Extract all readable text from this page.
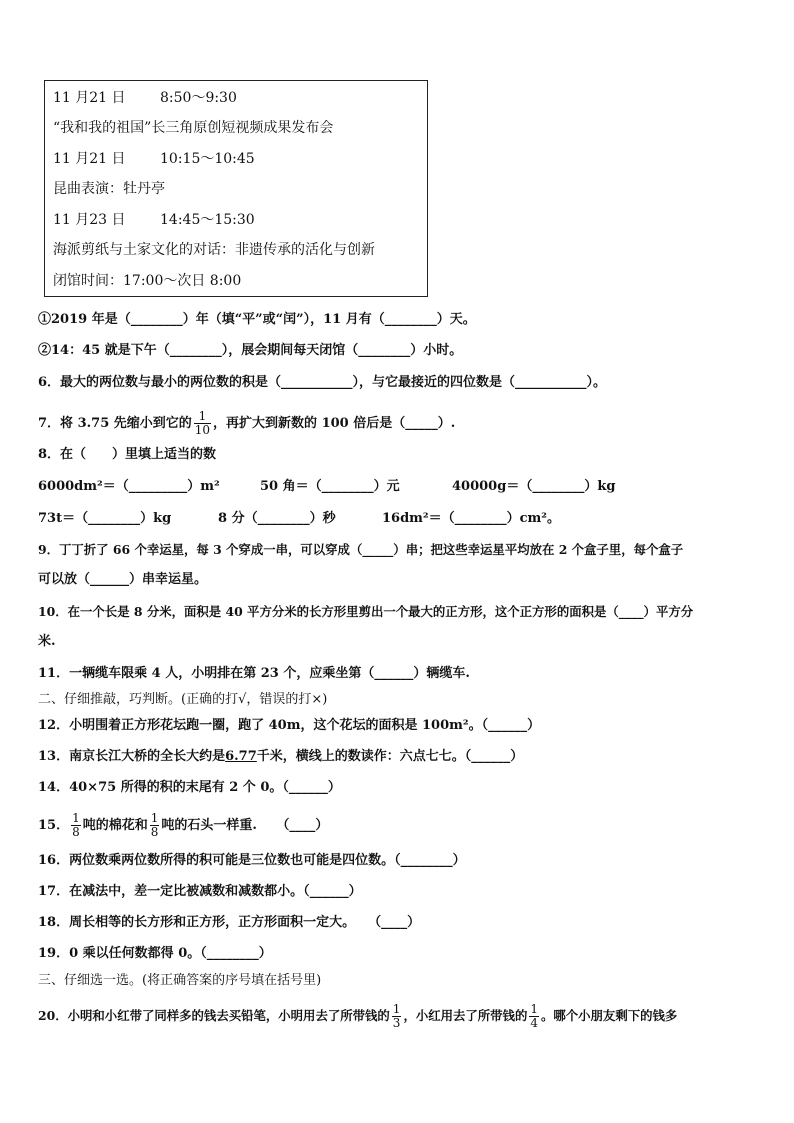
11 月21 日 8:50～9:30
“我和我的祖国”长三角原创短视频成果发布会
11 月21 日 10:15～10:45
昆曲表演：牡丹亭
11 月23 日 14:45～15:30
海派剪纸与土家文化的对话：非遗传承的活化与创新
闭馆时间：17:00～次日 8:00
①2019 年是（________）年（填“平”或“闰”），11 月有（________）天。
②14：45 就是下午（________），展会期间每天闭馆（________）小时。
6．最大的两位数与最小的两位数的积是（___________），与它最接近的四位数是（___________）。
7．将 3.75 先缩小到它的 $\frac{1}{10}$ ，再扩大到新数的 100 倍后是（_____）.
8．在（　　）里填上适当的数
6000dm²＝（_________）m²	50 角＝（________）元	40000g＝（________）kg
73t＝（________）kg	8 分（________）秒	16dm²＝（________）cm²。
9．丁丁折了 66 个幸运星，每 3 个穿成一串，可以穿成（_____）串；把这些幸运星平均放在 2 个盒子里，每个盒子
可以放（______）串幸运星。
10．在一个长是 8 分米，面积是 40 平方分米的长方形里剪出一个最大的正方形，这个正方形的面积是（____）平方分
米.
11．一辆缆车限乘 4 人，小明排在第 23 个，应乘坐第（______）辆缆车.
二、仔细推敲，巧判断。(正确的打√，错误的打×)
12．小明围着正方形花坛跑一圈，跑了 40m，这个花坛的面积是 100m²。（______）
13．南京长江大桥的全长大约是6.77千米，横线上的数读作：六点七七。（______）
14．40×75 所得的积的末尾有 2 个 0。（______）
15． $\frac{1}{8}$ 吨的棉花和 $\frac{1}{8}$ 吨的石头一样重.　　（____）
16．两位数乘两位数所得的积可能是三位数也可能是四位数。（________）
17．在减法中，差一定比被减数和减数都小。（______）
18．周长相等的长方形和正方形，正方形面积一定大。　　（____）
19．0 乘以任何数都得 0。（________）
三、仔细选一选。(将正确答案的序号填在括号里)
20．小明和小红带了同样多的钱去买铅笔，小明用去了所带钱的 $\frac{1}{3}$ ，小红用去了所带钱的 $\frac{1}{4}$ 。哪个小朋友剩下的钱多
